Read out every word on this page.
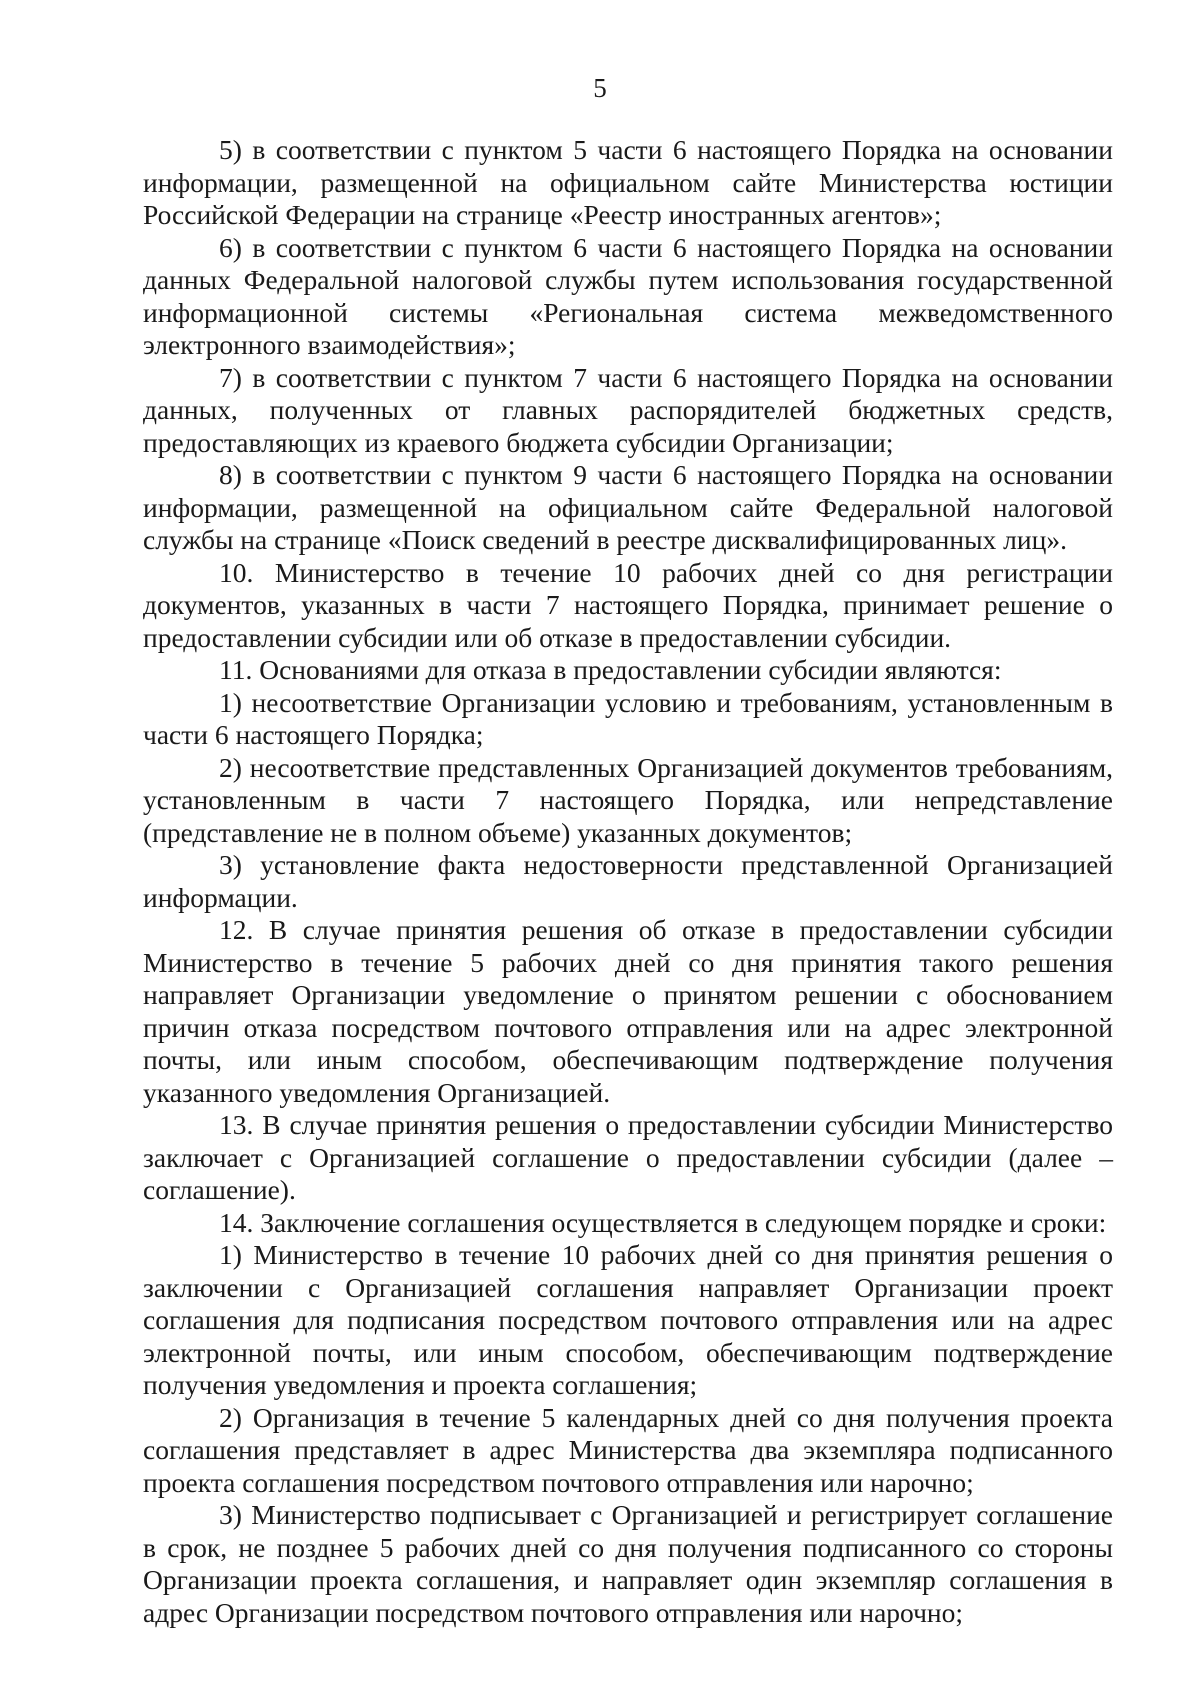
5

5) в соответствии с пунктом 5 части 6 настоящего Порядка на основании информации, размещенной на официальном сайте Министерства юстиции Российской Федерации на странице «Реестр иностранных агентов»;

6) в соответствии с пунктом 6 части 6 настоящего Порядка на основании данных Федеральной налоговой службы путем использования государственной информационной системы «Региональная система межведомственного электронного взаимодействия»;

7) в соответствии с пунктом 7 части 6 настоящего Порядка на основании данных, полученных от главных распорядителей бюджетных средств, предоставляющих из краевого бюджета субсидии Организации;

8) в соответствии с пунктом 9 части 6 настоящего Порядка на основании информации, размещенной на официальном сайте Федеральной налоговой службы на странице «Поиск сведений в реестре дисквалифицированных лиц».

10. Министерство в течение 10 рабочих дней со дня регистрации документов, указанных в части 7 настоящего Порядка, принимает решение о предоставлении субсидии или об отказе в предоставлении субсидии.

11. Основаниями для отказа в предоставлении субсидии являются:

1) несоответствие Организации условию и требованиям, установленным в части 6 настоящего Порядка;

2) несоответствие представленных Организацией документов требованиям, установленным в части 7 настоящего Порядка, или непредставление (представление не в полном объеме) указанных документов;

3) установление факта недостоверности представленной Организацией информации.

12. В случае принятия решения об отказе в предоставлении субсидии Министерство в течение 5 рабочих дней со дня принятия такого решения направляет Организации уведомление о принятом решении с обоснованием причин отказа посредством почтового отправления или на адрес электронной почты, или иным способом, обеспечивающим подтверждение получения указанного уведомления Организацией.

13. В случае принятия решения о предоставлении субсидии Министерство заключает с Организацией соглашение о предоставлении субсидии (далее – соглашение).

14. Заключение соглашения осуществляется в следующем порядке и сроки:

1) Министерство в течение 10 рабочих дней со дня принятия решения о заключении с Организацией соглашения направляет Организации проект соглашения для подписания посредством почтового отправления или на адрес электронной почты, или иным способом, обеспечивающим подтверждение получения уведомления и проекта соглашения;

2) Организация в течение 5 календарных дней со дня получения проекта соглашения представляет в адрес Министерства два экземпляра подписанного проекта соглашения посредством почтового отправления или нарочно;

3) Министерство подписывает с Организацией и регистрирует соглашение в срок, не позднее 5 рабочих дней со дня получения подписанного со стороны Организации проекта соглашения, и направляет один экземпляр соглашения в адрес Организации посредством почтового отправления или нарочно;
